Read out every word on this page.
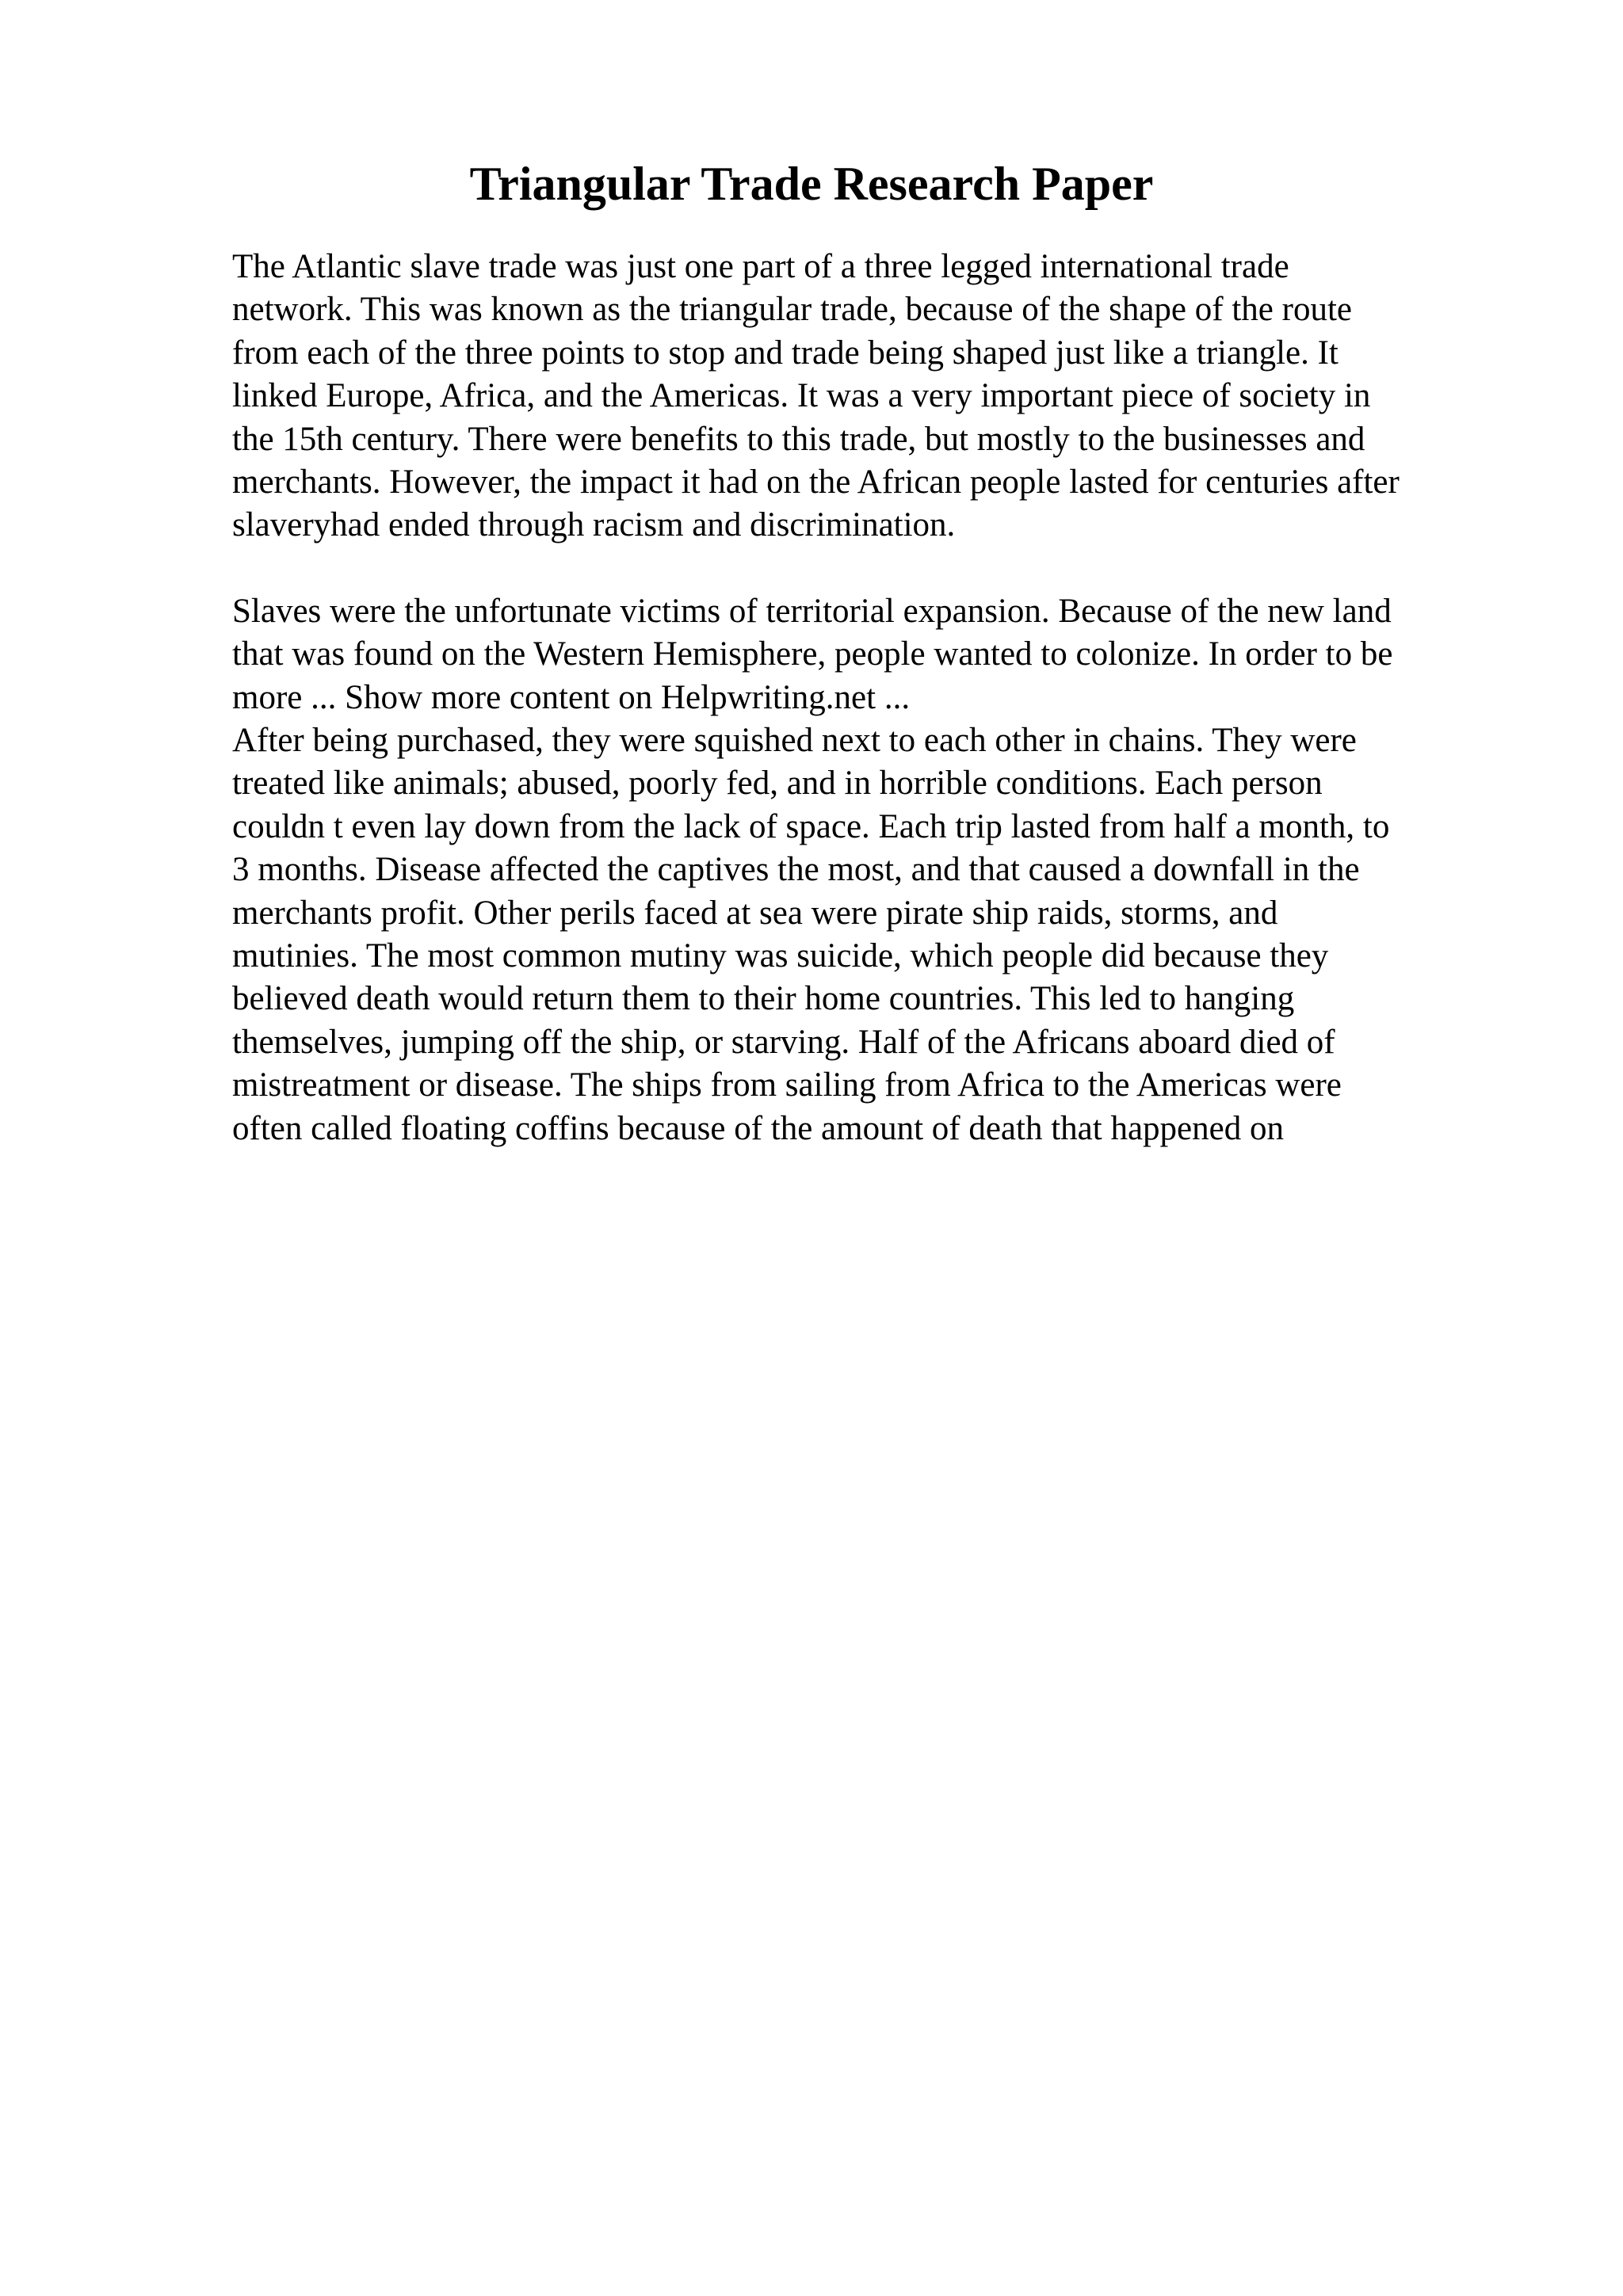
Triangular Trade Research Paper
The Atlantic slave trade was just one part of a three legged international trade
network. This was known as the triangular trade, because of the shape of the route
from each of the three points to stop and trade being shaped just like a triangle. It
linked Europe, Africa, and the Americas. It was a very important piece of society in
the 15th century. There were benefits to this trade, but mostly to the businesses and
merchants. However, the impact it had on the African people lasted for centuries after
slaveryhad ended through racism and discrimination.
Slaves were the unfortunate victims of territorial expansion. Because of the new land
that was found on the Western Hemisphere, people wanted to colonize. In order to be
more ... Show more content on Helpwriting.net ...
After being purchased, they were squished next to each other in chains. They were
treated like animals; abused, poorly fed, and in horrible conditions. Each person
couldn t even lay down from the lack of space. Each trip lasted from half a month, to
3 months. Disease affected the captives the most, and that caused a downfall in the
merchants profit. Other perils faced at sea were pirate ship raids, storms, and
mutinies. The most common mutiny was suicide, which people did because they
believed death would return them to their home countries. This led to hanging
themselves, jumping off the ship, or starving. Half of the Africans aboard died of
mistreatment or disease. The ships from sailing from Africa to the Americas were
often called floating coffins because of the amount of death that happened on
